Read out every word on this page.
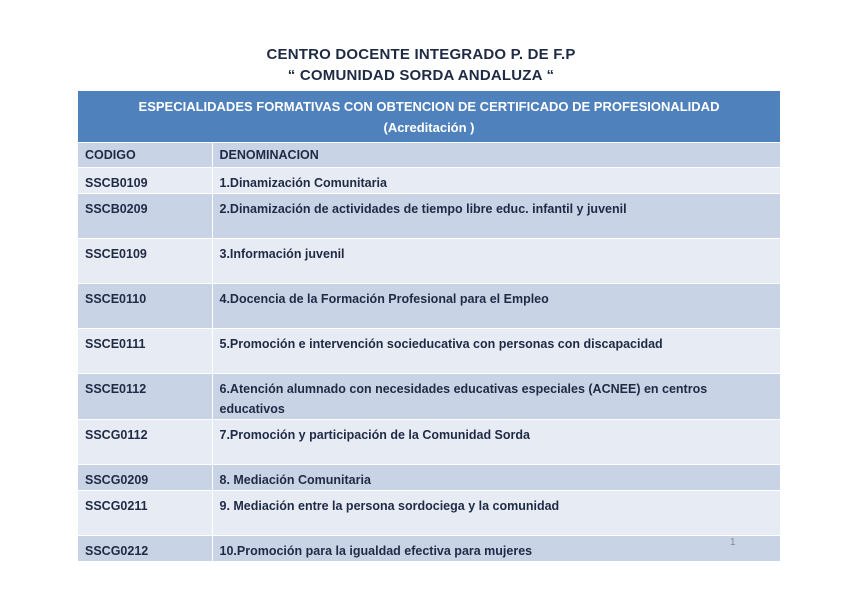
CENTRO DOCENTE INTEGRADO P. DE F.P
“ COMUNIDAD SORDA ANDALUZA “
ESPECIALIDADES FORMATIVAS CON OBTENCION DE CERTIFICADO DE PROFESIONALIDAD
(Acreditación )	

CODIGO	DENOMINACION
SSCB0109	1.Dinamización Comunitaria
SSCB0209	2.Dinamización de actividades de tiempo libre educ. infantil y juvenil
SSCE0109	3.Información juvenil
SSCE0110	4.Docencia de la Formación Profesional para el Empleo
SSCE0111	5.Promoción e intervención socieducativa con personas con discapacidad
SSCE0112	6.Atención alumnado con necesidades educativas especiales (ACNEE) en centros educativos
SSCG0112	7.Promoción y participación de la Comunidad Sorda
SSCG0209	8. Mediación Comunitaria
SSCG0211	9. Mediación entre la persona sordociega y la comunidad
SSCG0212	10.Promoción para la igualdad efectiva para mujeres
1
